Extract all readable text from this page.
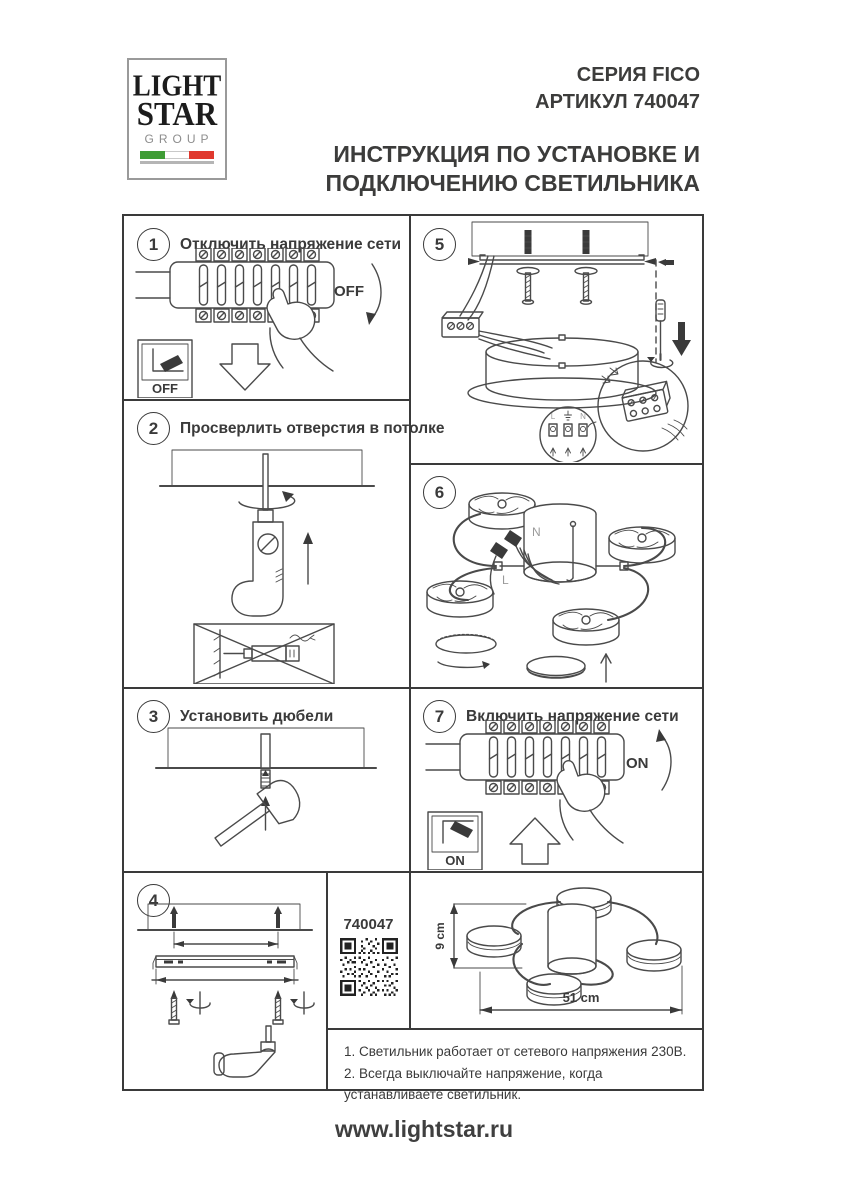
LIGHT
STAR
GROUP
СЕРИЯ FICO
АРТИКУЛ 740047
ИНСТРУКЦИЯ ПО УСТАНОВКЕ И
ПОДКЛЮЧЕНИЮ СВЕТИЛЬНИКА
1	Отключить напряжение сети
OFF
OFF
2	Просверлить отверстия в потолке
3	Установить дюбели
4
740047
5
L	N
6
N
L
7	Включить напряжение сети
ON
ON
9 cm
51 cm
1. Светильник работает от сетевого напряжения 230В.
2. Всегда выключайте напряжение, когда устанавливаете светильник.
www.lightstar.ru
